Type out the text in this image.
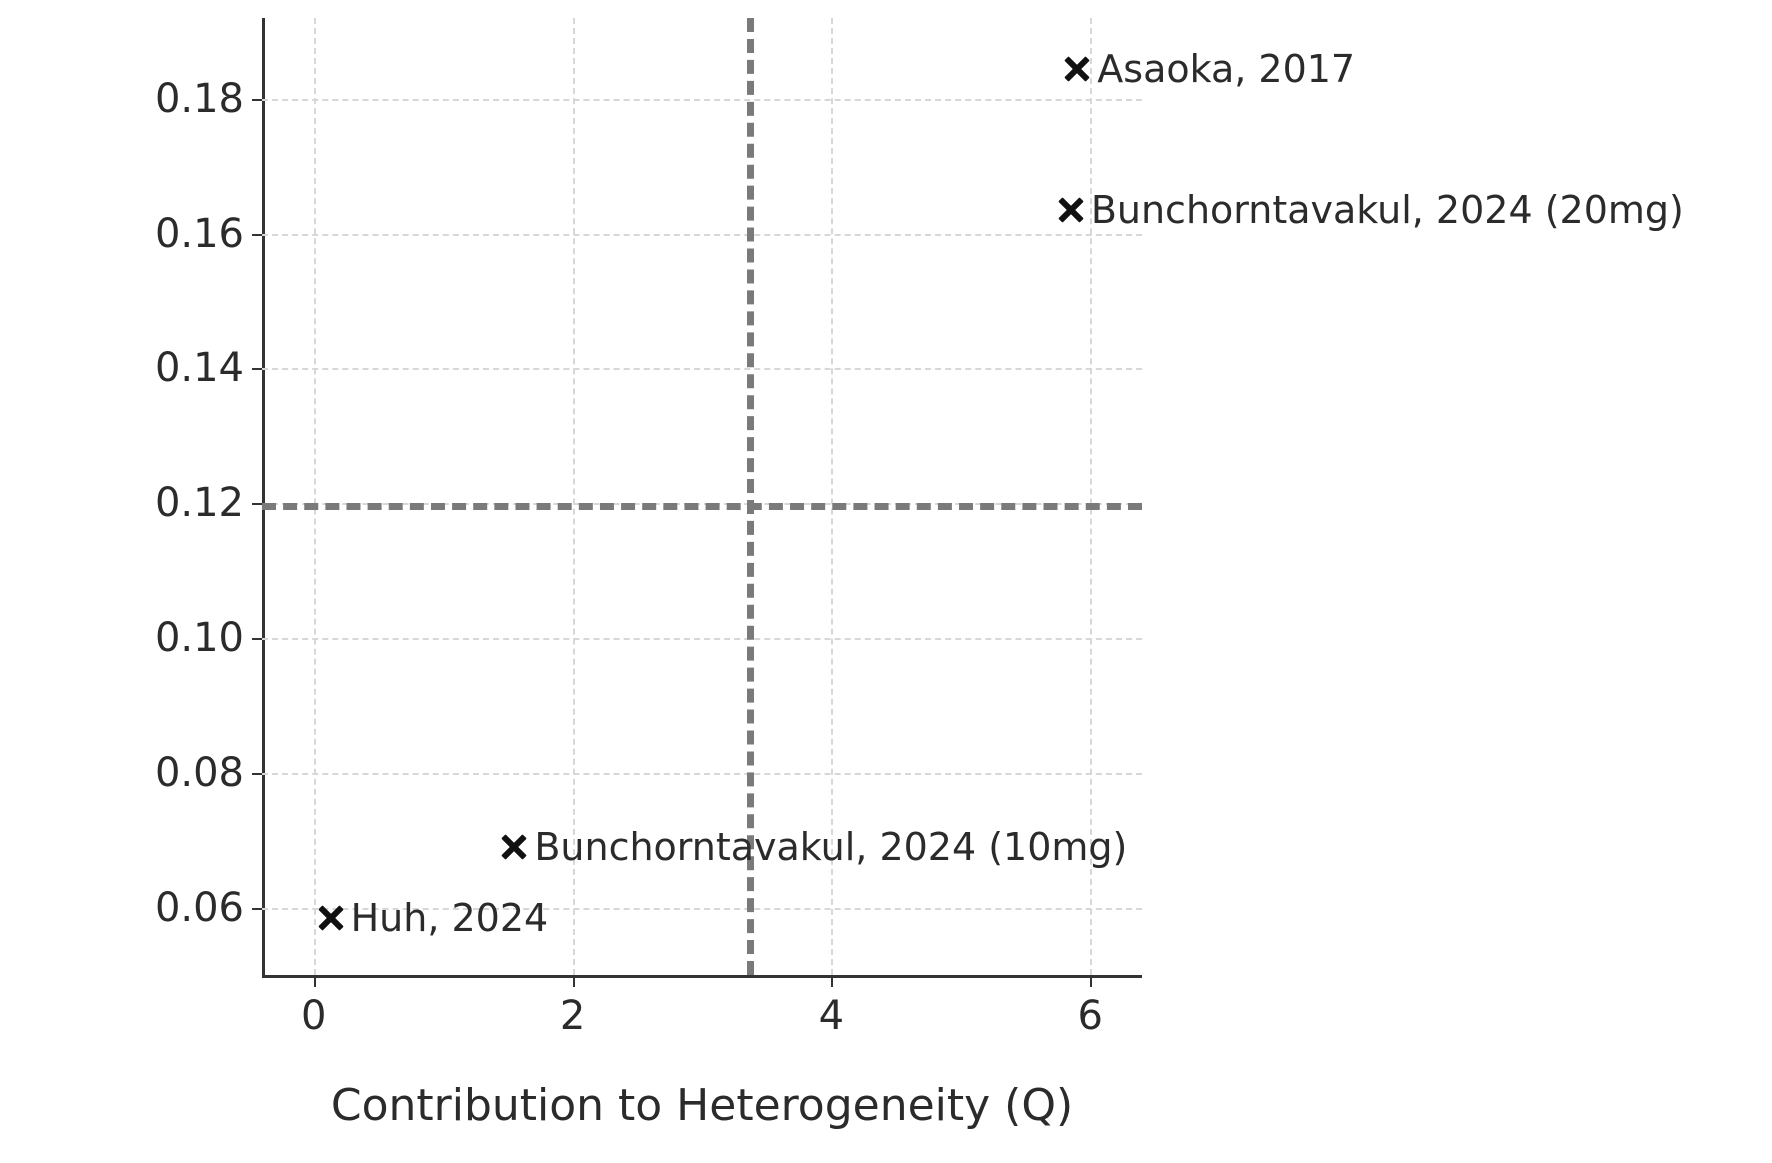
0	2	4	6
0.06
0.08
0.10
0.12
0.14
0.16
0.18
Asaoka, 2017
Bunchorntavakul, 2024 (20mg)
Bunchorntavakul, 2024 (10mg)
Huh, 2024
Contribution to Heterogeneity (Q)
